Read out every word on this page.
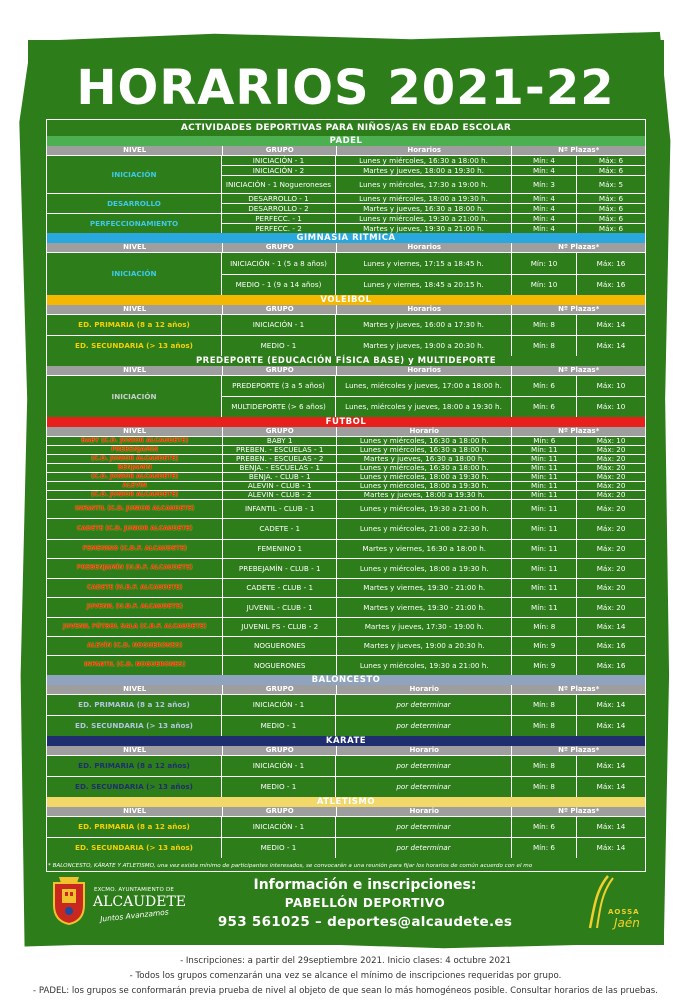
HORARIOS 2021-22
ACTIVIDADES DEPORTIVAS PARA NIÑOS/AS EN EDAD ESCOLAR
PADEL
NIVEL	GRUPO	Horarios	Nº Plazas*
INICIACIÓN
INICIACIÓN - 1	Lunes y miércoles, 16:30 a 18:00 h.	Mín: 4	Máx: 6
INICIACIÓN - 2	Martes y jueves, 18:00 a 19:30 h.	Mín: 4	Máx: 6
INICIACIÓN - 1 Nogueroneses	Lunes y miércoles, 17:30 a 19:00 h.	Mín: 3	Máx: 5
DESARROLLO
DESARROLLO - 1	Lunes y miércoles, 18:00 a 19:30 h.	Mín: 4	Máx: 6
DESARROLLO - 2	Martes y jueves, 16:30 a 18:00 h.	Mín: 4	Máx: 6
PERFECCIONAMIENTO
PERFECC. - 1	Lunes y miércoles, 19:30 a 21:00 h.	Mín: 4	Máx: 6
PERFECC. - 2	Martes y jueves, 19:30 a 21:00 h.	Mín: 4	Máx: 6
GIMNASIA RITMICA
NIVEL	GRUPO	Horarios	Nº Plazas*
INICIACIÓN
INICIACIÓN - 1 (5 a 8 años)	Lunes y viernes, 17:15 a 18:45 h.	Mín: 10	Máx: 16
MEDIO - 1 (9 a 14 años)	Lunes y viernes, 18:45 a 20:15 h.	Mín: 10	Máx: 16
VOLEIBOL
NIVEL	GRUPO	Horarios	Nº Plazas*
ED. PRIMARIA (8 a 12 años)	INICIACIÓN - 1	Martes y jueves, 16:00 a 17:30 h.	Mín: 8	Máx: 14
ED. SECUNDARIA (> 13 años)	MEDIO - 1	Martes y jueves, 19:00 a 20:30 h.	Mín: 8	Máx: 14
PREDEPORTE (EDUCACIÓN FÍSICA BASE) y MULTIDEPORTE
NIVEL	GRUPO	Horarios	Nº Plazas*
INICIACIÓN
PREDEPORTE (3 a 5 años)	Lunes, miércoles y jueves, 17:00 a 18:00 h.	Mín: 6	Máx: 10
MULTIDEPORTE (> 6 años)	Lunes, miércoles y jueves, 18:00 a 19:30 h.	Mín: 6	Máx: 10
FUTBOL
NIVEL	GRUPO	Horario	Nº Plazas*
BABY (C.D. JUNIOR ALCAUDETE)	BABY 1	Lunes y miércoles, 16:30 a 18:00 h.	Mín: 6	Máx: 10
PREBENJAMÍN	PREBEN. - ESCUELAS - 1	Lunes y miércoles, 16:30 a 18:00 h.	Mín: 11	Máx: 20
(C.D. JUNIOR ALCAUDETE)	PREBEN. - ESCUELAS - 2	Martes y jueves, 16:30 a 18:00 h.	Mín: 11	Máx: 20
BENJAMÍN	BENJA. - ESCUELAS - 1	Lunes y miércoles, 16:30 a 18:00 h.	Mín: 11	Máx: 20
(C.D. JUNIOR ALCAUDETE)	BENJA. - CLUB - 1	Lunes y miércoles, 18:00 a 19:30 h.	Mín: 11	Máx: 20
ALEVÍN	ALEVIN - CLUB - 1	Lunes y miércoles, 18:00 a 19:30 h.	Mín: 11	Máx: 20
(C.D. JUNIOR ALCAUDETE)	ALEVIN - CLUB - 2	Martes y jueves, 18:00 a 19:30 h.	Mín: 11	Máx: 20
INFANTIL (C.D. JUNIOR ALCAUDETE)	INFANTIL - CLUB - 1	Lunes y miércoles, 19:30 a 21:00 h.	Mín: 11	Máx: 20
CADETE (C.D. JUNIOR ALCAUDETE)	CADETE - 1	Lunes y miércoles, 21:00 a 22:30 h.	Mín: 11	Máx: 20
FEMENINO (C.D.F. ALCAUDETE)	FEMENINO 1	Martes y viernes, 16:30 a 18:00 h.	Mín: 11	Máx: 20
PREBENJAMÍN (U.D.F. ALCAUDETE)	PREBEJAMÍN - CLUB - 1	Lunes y miércoles, 18:00 a 19:30 h.	Mín: 11	Máx: 20
CADETE (U.D.F. ALCAUDETE)	CADETE - CLUB - 1	Martes y viernes, 19:30 - 21:00 h.	Mín: 11	Máx: 20
JUVENIL (U.D.F. ALCAUDETE)	JUVENIL - CLUB - 1	Martes y viernes, 19:30 - 21:00 h.	Mín: 11	Máx: 20
JUVENIL FÚTBOL SALA (C.D.F. ALCAUDETE)	JUVENIL FS - CLUB - 2	Martes y jueves, 17:30 - 19:00 h.	Mín: 8	Máx: 14
ALEVÍN (C.D. NOGUERONES)	NOGUERONES	Martes y jueves, 19:00 a 20:30 h.	Mín: 9	Máx: 16
INFANTIL (C.D. NOGUERONES)	NOGUERONES	Lunes y miércoles, 19:30 a 21:00 h.	Mín: 9	Máx: 16
BALONCESTO
NIVEL	GRUPO	Horario	Nº Plazas*
ED. PRIMARIA (8 a 12 años)	INICIACIÓN - 1	por determinar	Mín: 8	Máx: 14
ED. SECUNDARIA (> 13 años)	MEDIO - 1	por determinar	Mín: 8	Máx: 14
KARATE
NIVEL	GRUPO	Horario	Nº Plazas*
ED. PRIMARIA (8 a 12 años)	INICIACIÓN - 1	por determinar	Mín: 8	Máx: 14
ED. SECUNDARIA (> 13 años)	MEDIO - 1	por determinar	Mín: 8	Máx: 14
ATLETISMO
NIVEL	GRUPO	Horario	Nº Plazas*
ED. PRIMARIA (8 a 12 años)	INICIACIÓN - 1	por determinar	Mín: 6	Máx: 14
ED. SECUNDARIA (> 13 años)	MEDIO - 1	por determinar	Mín: 6	Máx: 14
* BALONCESTO, KÁRATE Y ATLETISMO, una vez exista mínimo de participantes interesados, se convocarán a una reunión para fijar los horarios de común acuerdo con el mo
EXCMO. AYUNTAMIENTO DE
ALCAUDETE
Juntos Avanzamos
Información e inscripciones:
PABELLÓN DEPORTIVO
953 561025 – deportes@alcaudete.es
AOSSA
Jaén
- Inscripciones: a partir del 29septiembre 2021. Inicio clases: 4 octubre 2021
- Todos los grupos comenzarán una vez se alcance el mínimo de inscripciones requeridas por grupo.
- PADEL: los grupos se conformarán previa prueba de nivel al objeto de que sean lo más homogéneos posible. Consultar horarios de las pruebas.
